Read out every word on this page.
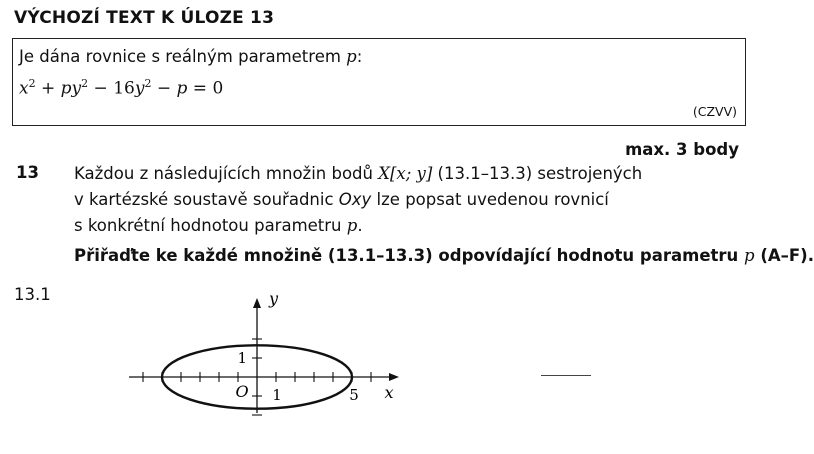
VÝCHOZÍ TEXT K ÚLOZE 13
Je dána rovnice s reálným parametrem p:
$x^2 + py^2 - 16y^2 - p = 0$
(CZVV)
max. 3 body
13 Každou z následujících množin bodů X[x; y] (13.1–13.3) sestrojených
v kartézské soustavě souřadnic Oxy lze popsat uvedenou rovnicí
s konkrétní hodnotou parametru p.
Přiřaďte ke každé množině (13.1–13.3) odpovídající hodnotu parametru p (A–F).
13.1
x
y
O 1	5
1
